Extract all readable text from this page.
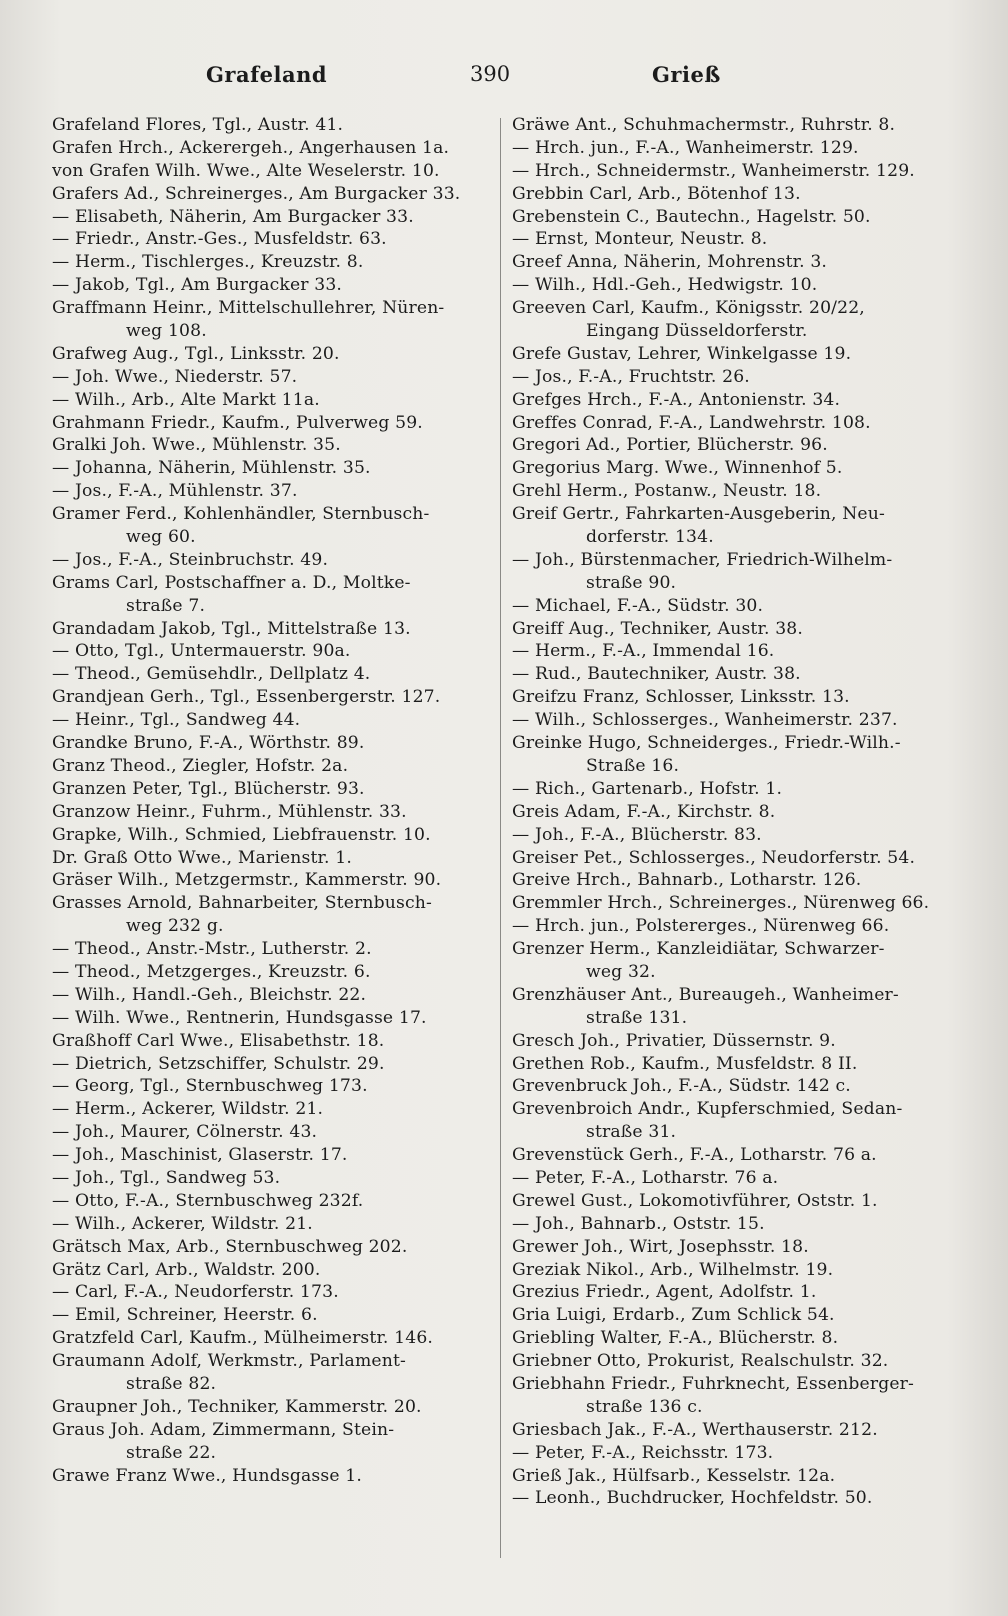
Grafeland	390	Grieß
Grafeland Flores, Tgl., Austr. 41.
Grafen Hrch., Ackerergeh., Angerhausen 1a.
von Grafen Wilh. Wwe., Alte Weselerstr. 10.
Grafers Ad., Schreinerges., Am Burgacker 33.
— Elisabeth, Näherin, Am Burgacker 33.
— Friedr., Anstr.-Ges., Musfeldstr. 63.
— Herm., Tischlerges., Kreuzstr. 8.
— Jakob, Tgl., Am Burgacker 33.
Graffmann Heinr., Mittelschullehrer, Nüren-
weg 108.
Grafweg Aug., Tgl., Linksstr. 20.
— Joh. Wwe., Niederstr. 57.
— Wilh., Arb., Alte Markt 11a.
Grahmann Friedr., Kaufm., Pulverweg 59.
Gralki Joh. Wwe., Mühlenstr. 35.
— Johanna, Näherin, Mühlenstr. 35.
— Jos., F.-A., Mühlenstr. 37.
Gramer Ferd., Kohlenhändler, Sternbusch-
weg 60.
— Jos., F.-A., Steinbruchstr. 49.
Grams Carl, Postschaffner a. D., Moltke-
straße 7.
Grandadam Jakob, Tgl., Mittelstraße 13.
— Otto, Tgl., Untermauerstr. 90a.
— Theod., Gemüsehdlr., Dellplatz 4.
Grandjean Gerh., Tgl., Essenbergerstr. 127.
— Heinr., Tgl., Sandweg 44.
Grandke Bruno, F.-A., Wörthstr. 89.
Granz Theod., Ziegler, Hofstr. 2a.
Granzen Peter, Tgl., Blücherstr. 93.
Granzow Heinr., Fuhrm., Mühlenstr. 33.
Grapke, Wilh., Schmied, Liebfrauenstr. 10.
Dr. Graß Otto Wwe., Marienstr. 1.
Gräser Wilh., Metzgermstr., Kammerstr. 90.
Grasses Arnold, Bahnarbeiter, Sternbusch-
weg 232 g.
— Theod., Anstr.-Mstr., Lutherstr. 2.
— Theod., Metzgerges., Kreuzstr. 6.
— Wilh., Handl.-Geh., Bleichstr. 22.
— Wilh. Wwe., Rentnerin, Hundsgasse 17.
Graßhoff Carl Wwe., Elisabethstr. 18.
— Dietrich, Setzschiffer, Schulstr. 29.
— Georg, Tgl., Sternbuschweg 173.
— Herm., Ackerer, Wildstr. 21.
— Joh., Maurer, Cölnerstr. 43.
— Joh., Maschinist, Glaserstr. 17.
— Joh., Tgl., Sandweg 53.
— Otto, F.-A., Sternbuschweg 232f.
— Wilh., Ackerer, Wildstr. 21.
Grätsch Max, Arb., Sternbuschweg 202.
Grätz Carl, Arb., Waldstr. 200.
— Carl, F.-A., Neudorferstr. 173.
— Emil, Schreiner, Heerstr. 6.
Gratzfeld Carl, Kaufm., Mülheimerstr. 146.
Graumann Adolf, Werkmstr., Parlament-
straße 82.
Graupner Joh., Techniker, Kammerstr. 20.
Graus Joh. Adam, Zimmermann, Stein-
straße 22.
Grawe Franz Wwe., Hundsgasse 1.
Gräwe Ant., Schuhmachermstr., Ruhrstr. 8.
— Hrch. jun., F.-A., Wanheimerstr. 129.
— Hrch., Schneidermstr., Wanheimerstr. 129.
Grebbin Carl, Arb., Bötenhof 13.
Grebenstein C., Bautechn., Hagelstr. 50.
— Ernst, Monteur, Neustr. 8.
Greef Anna, Näherin, Mohrenstr. 3.
— Wilh., Hdl.-Geh., Hedwigstr. 10.
Greeven Carl, Kaufm., Königsstr. 20/22,
Eingang Düsseldorferstr.
Grefe Gustav, Lehrer, Winkelgasse 19.
— Jos., F.-A., Fruchtstr. 26.
Grefges Hrch., F.-A., Antonienstr. 34.
Greffes Conrad, F.-A., Landwehrstr. 108.
Gregori Ad., Portier, Blücherstr. 96.
Gregorius Marg. Wwe., Winnenhof 5.
Grehl Herm., Postanw., Neustr. 18.
Greif Gertr., Fahrkarten-Ausgeberin, Neu-
dorferstr. 134.
— Joh., Bürstenmacher, Friedrich-Wilhelm-
straße 90.
— Michael, F.-A., Südstr. 30.
Greiff Aug., Techniker, Austr. 38.
— Herm., F.-A., Immendal 16.
— Rud., Bautechniker, Austr. 38.
Greifzu Franz, Schlosser, Linksstr. 13.
— Wilh., Schlosserges., Wanheimerstr. 237.
Greinke Hugo, Schneiderges., Friedr.-Wilh.-
Straße 16.
— Rich., Gartenarb., Hofstr. 1.
Greis Adam, F.-A., Kirchstr. 8.
— Joh., F.-A., Blücherstr. 83.
Greiser Pet., Schlosserges., Neudorferstr. 54.
Greive Hrch., Bahnarb., Lotharstr. 126.
Gremmler Hrch., Schreinerges., Nürenweg 66.
— Hrch. jun., Polstererges., Nürenweg 66.
Grenzer Herm., Kanzleidiätar, Schwarzer-
weg 32.
Grenzhäuser Ant., Bureaugeh., Wanheimer-
straße 131.
Gresch Joh., Privatier, Düssernstr. 9.
Grethen Rob., Kaufm., Musfeldstr. 8 II.
Grevenbruck Joh., F.-A., Südstr. 142 c.
Grevenbroich Andr., Kupferschmied, Sedan-
straße 31.
Grevenstück Gerh., F.-A., Lotharstr. 76 a.
— Peter, F.-A., Lotharstr. 76 a.
Grewel Gust., Lokomotivführer, Oststr. 1.
— Joh., Bahnarb., Oststr. 15.
Grewer Joh., Wirt, Josephsstr. 18.
Greziak Nikol., Arb., Wilhelmstr. 19.
Grezius Friedr., Agent, Adolfstr. 1.
Gria Luigi, Erdarb., Zum Schlick 54.
Griebling Walter, F.-A., Blücherstr. 8.
Griebner Otto, Prokurist, Realschulstr. 32.
Griebhahn Friedr., Fuhrknecht, Essenberger-
straße 136 c.
Griesbach Jak., F.-A., Werthauserstr. 212.
— Peter, F.-A., Reichsstr. 173.
Grieß Jak., Hülfsarb., Kesselstr. 12a.
— Leonh., Buchdrucker, Hochfeldstr. 50.
